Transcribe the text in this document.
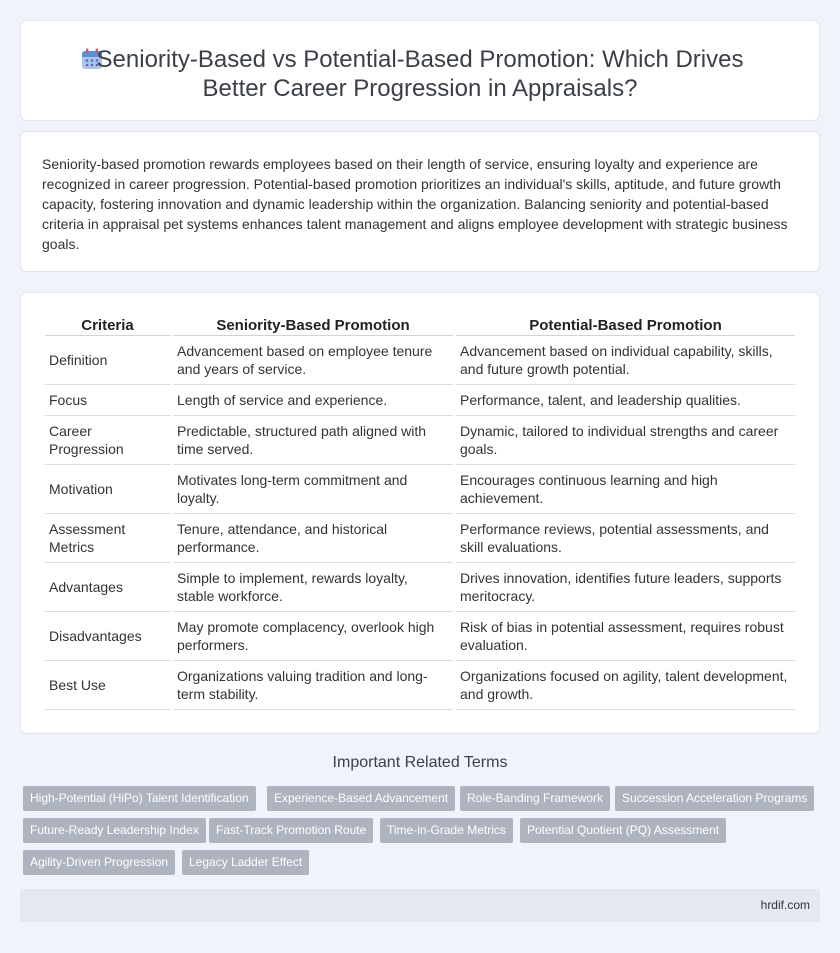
Seniority-Based vs Potential-Based Promotion: Which Drives Better Career Progression in Appraisals?

Seniority-based promotion rewards employees based on their length of service, ensuring loyalty and experience are recognized in career progression. Potential-based promotion prioritizes an individual's skills, aptitude, and future growth capacity, fostering innovation and dynamic leadership within the organization. Balancing seniority and potential-based criteria in appraisal pet systems enhances talent management and aligns employee development with strategic business goals.

Criteria	Seniority-Based Promotion	Potential-Based Promotion
Definition	Advancement based on employee tenure and years of service.	Advancement based on individual capability, skills, and future growth potential.
Focus	Length of service and experience.	Performance, talent, and leadership qualities.
Career Progression	Predictable, structured path aligned with time served.	Dynamic, tailored to individual strengths and career goals.
Motivation	Motivates long-term commitment and loyalty.	Encourages continuous learning and high achievement.
Assessment Metrics	Tenure, attendance, and historical performance.	Performance reviews, potential assessments, and skill evaluations.
Advantages	Simple to implement, rewards loyalty, stable workforce.	Drives innovation, identifies future leaders, supports meritocracy.
Disadvantages	May promote complacency, overlook high performers.	Risk of bias in potential assessment, requires robust evaluation.
Best Use	Organizations valuing tradition and long-term stability.	Organizations focused on agility, talent development, and growth.
Important Related Terms
High-Potential (HiPo) Talent Identification	Experience-Based Advancement	Role-Banding Framework	Succession Acceleration Programs
Future-Ready Leadership Index	Fast-Track Promotion Route	Time-in-Grade Metrics	Potential Quotient (PQ) Assessment
Agility-Driven Progression	Legacy Ladder Effect
hrdif.com
